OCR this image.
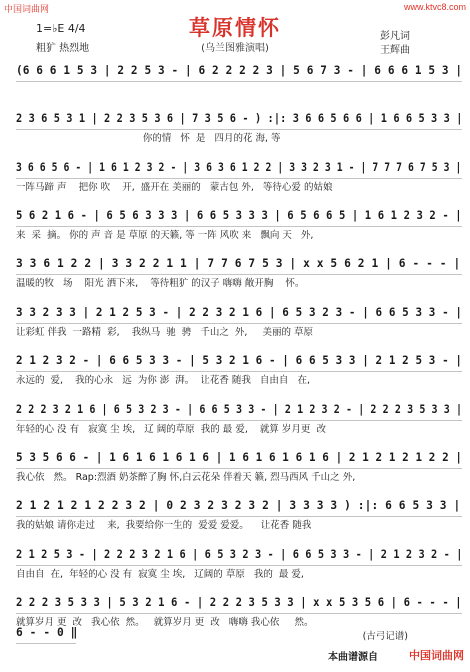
中国词曲网	www.ktvc8.com
草原情怀
(乌兰图雅演唱)
1=♭E 4/4
粗犷 热烈地
彭凡词
王辉曲
(6 6 6 1 5 3 | 2 2 5 3 - | 6 2 2 2 2 3 | 5 6 7 3 - | 6 6 6 1 5 3 |
2 3 6 5 3 1 | 2 2 3 5 3 6 | 7 3 5 6 - ) :|: 3 6 6 5 6 6 | 1 6 6 5 3 3 |
你的情   怀  是   四月的花 海, 等
3 6 6 5 6 - | 1 6 1 2 3 2 - | 3 6 3 6 1 2 2 | 3 3 2 3 1 - | 7 7 7 6 7 5 3 |
一阵马蹄 声    把你 吹    开,  盛开在 美丽的   蒙古包 外,   等待心爱 的姑娘
5 6 2 1 6 - | 6 5 6 3 3 3 | 6 6 5 3 3 3 | 6 5 6 6 5 | 1 6 1 2 3 2 - |
来  采  摘。 你的 声 音 是 草原 的天籁, 等 一阵 风吹 来   飘向 天   外,
3 3 6 1 2 2 | 3 3 2 2 1 1 | 7 7 6 7 5 3 | x x 5 6 2 1 | 6 - - - |
温暖的牧   场    阳光 洒下来,    等待粗犷 的汉子 嗨嗨 敞开胸    怀。
3 3 2 3 3 | 2 1 2 5 3 - | 2 2 3 2 1 6 | 6 5 3 2 3 - | 6 6 5 3 3 - |
让彩虹 伴我  一路精  彩,    我纵马  驰  骋   千山之  外,     美丽的 草原
2 1 2 3 2 - | 6 6 5 3 3 - | 5 3 2 1 6 - | 6 6 5 3 3 | 2 1 2 5 3 - |
永远的  爱,    我的心永   远  为你 澎  湃。  让花香 随我   自由自   在,
2 2 2 3 2 1 6 | 6 5 3 2 3 - | 6 6 5 3 3 - | 2 1 2 3 2 - | 2 2 2 3 5 3 3 |
年轻的心 没 有   寂寞 尘 埃,   辽 阔的草原  我的 最 爱,    就算 岁月更  改
5 3 5 6 6 - | 1 6 1 6 1 6 1 6 | 1 6 1 6 1 6 1 6 | 2 1 2 1 2 1 2 2 |
我心依   然。 Rap:烈酒 奶茶醉了胸 怀,白云花朵 伴着天 籁, 烈马西风 千山之 外,
2 1 2 1 2 1 2 2 3 2 | 0 2 3 2 3 2 3 2 | 3 3 3 3 ) :|: 6 6 5 3 3 |
我的姑娘 请你走过    来,  我要给你一生的  爱爱 爱爱。    让花香 随我
2 1 2 5 3 - | 2 2 2 3 2 1 6 | 6 5 3 2 3 - | 6 6 5 3 3 - | 2 1 2 3 2 - |
自由自  在,  年轻的心 没 有  寂寞 尘 埃,   辽阔的 草原   我的  最 爱,
2 2 2 3 5 3 3 | 5 3 2 1 6 - | 2 2 2 3 5 3 3 | x x 5 3 5 6 | 6 - - - |
就算岁月 更  改   我心依  然。   就算岁月 更  改   嗨嗨 我心依     然。
6 - - 0 ‖	(古弓记谱)
本曲谱源自	中国词曲网
